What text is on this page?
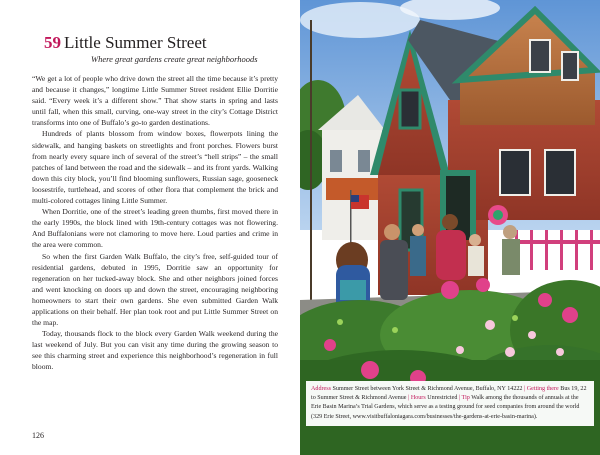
59 Little Summer Street
Where great gardens create great neighborhoods

“We get a lot of people who drive down the street all the time because it’s pretty and because it changes,” longtime Little Summer Street resident Ellie Dorritie said. “Every week it’s a different show.” That show starts in spring and lasts until fall, when this small, curving, one-way street in the city’s Cottage District transforms into one of Buffalo’s go-to garden destinations.

Hundreds of plants blossom from window boxes, flowerpots lining the sidewalk, and hanging baskets on streetlights and front porches. Flowers burst from nearly every square inch of several of the street’s “hell strips” – the small patches of land between the road and the sidewalk – and its front yards. Walking down this city block, you’ll find blooming sunflowers, Russian sage, gooseneck loosestrife, turtlehead, and scores of other flora that complement the brick and multi-colored cottages lining Little Summer.

When Dorritie, one of the street’s leading green thumbs, first moved there in the early 1990s, the block lined with 19th-century cottages was not flowering. And Buffalonians were not clamoring to move here. Loud parties and crime in the area were common.

So when the first Garden Walk Buffalo, the city’s free, self-guided tour of residential gardens, debuted in 1995, Dorritie saw an opportunity for regeneration on her tucked-away block. She and other neighbors joined forces and went knocking on doors up and down the street, encouraging neighboring homeowners to start their own gardens. She even submitted Garden Walk applications on their behalf. Her plan took root and put Little Summer Street on the map.

Today, thousands flock to the block every Garden Walk weekend during the last weekend of July. But you can visit any time during the growing season to see this charming street and experience this neighborhood’s regeneration in full bloom.

126
Address Summer Street between York Street & Richmond Avenue, Buffalo, NY 14222 | Getting there Bus 19, 22 to Summer Street & Richmond Avenue | Hours Unrestricted | Tip Walk among the thousands of annuals at the Erie Basin Marina’s Trial Gardens, which serve as a testing ground for seed companies from around the world (329 Erie Street, www.visitbuffaloniagara.com/businesses/the-gardens-at-erie-basin-marina).
